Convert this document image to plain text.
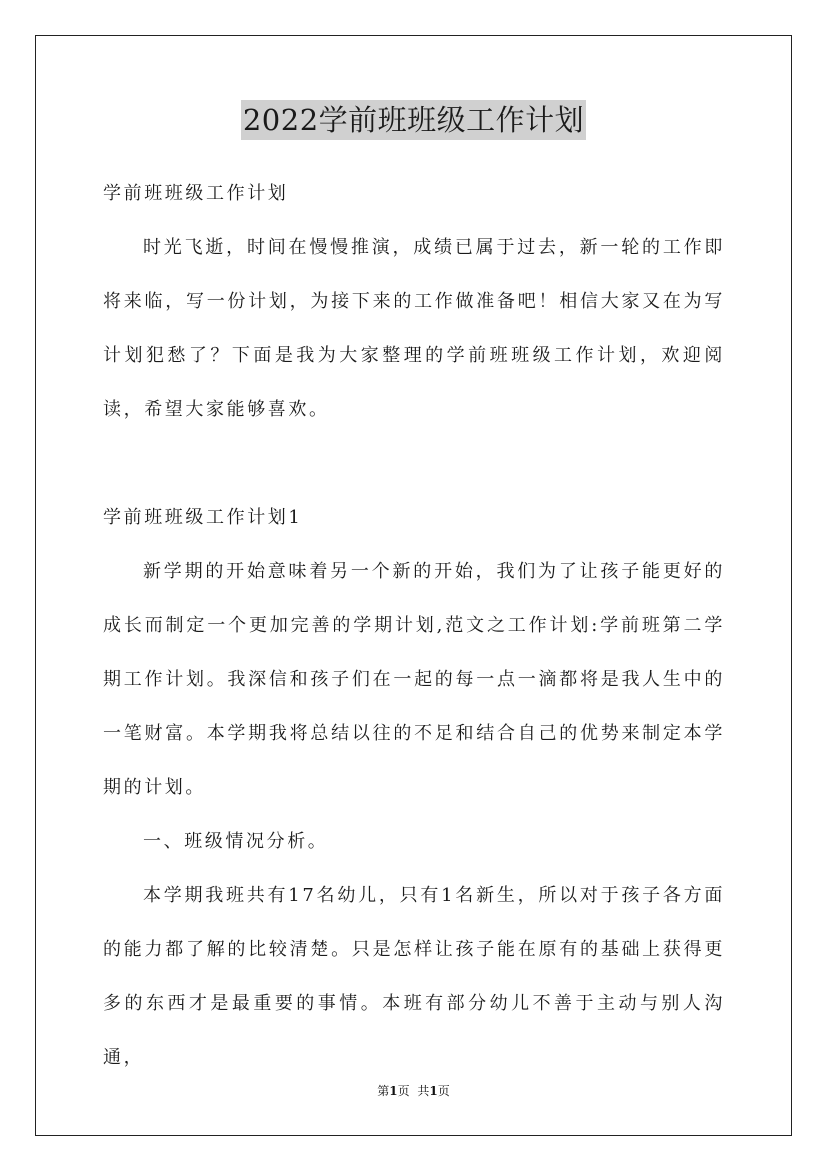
2022学前班班级工作计划

学前班班级工作计划

时光飞逝，时间在慢慢推演，成绩已属于过去，新一轮的工作即将来临，写一份计划，为接下来的工作做准备吧！相信大家又在为写计划犯愁了？下面是我为大家整理的学前班班级工作计划，欢迎阅读，希望大家能够喜欢。

学前班班级工作计划1

新学期的开始意味着另一个新的开始，我们为了让孩子能更好的成长而制定一个更加完善的学期计划,范文之工作计划:学前班第二学期工作计划。我深信和孩子们在一起的每一点一滴都将是我人生中的一笔财富。本学期我将总结以往的不足和结合自己的优势来制定本学期的计划。

一、班级情况分析。

本学期我班共有17名幼儿，只有1名新生，所以对于孩子各方面的能力都了解的比较清楚。只是怎样让孩子能在原有的基础上获得更多的东西才是最重要的事情。本班有部分幼儿不善于主动与别人沟通，

第1页 共1页
